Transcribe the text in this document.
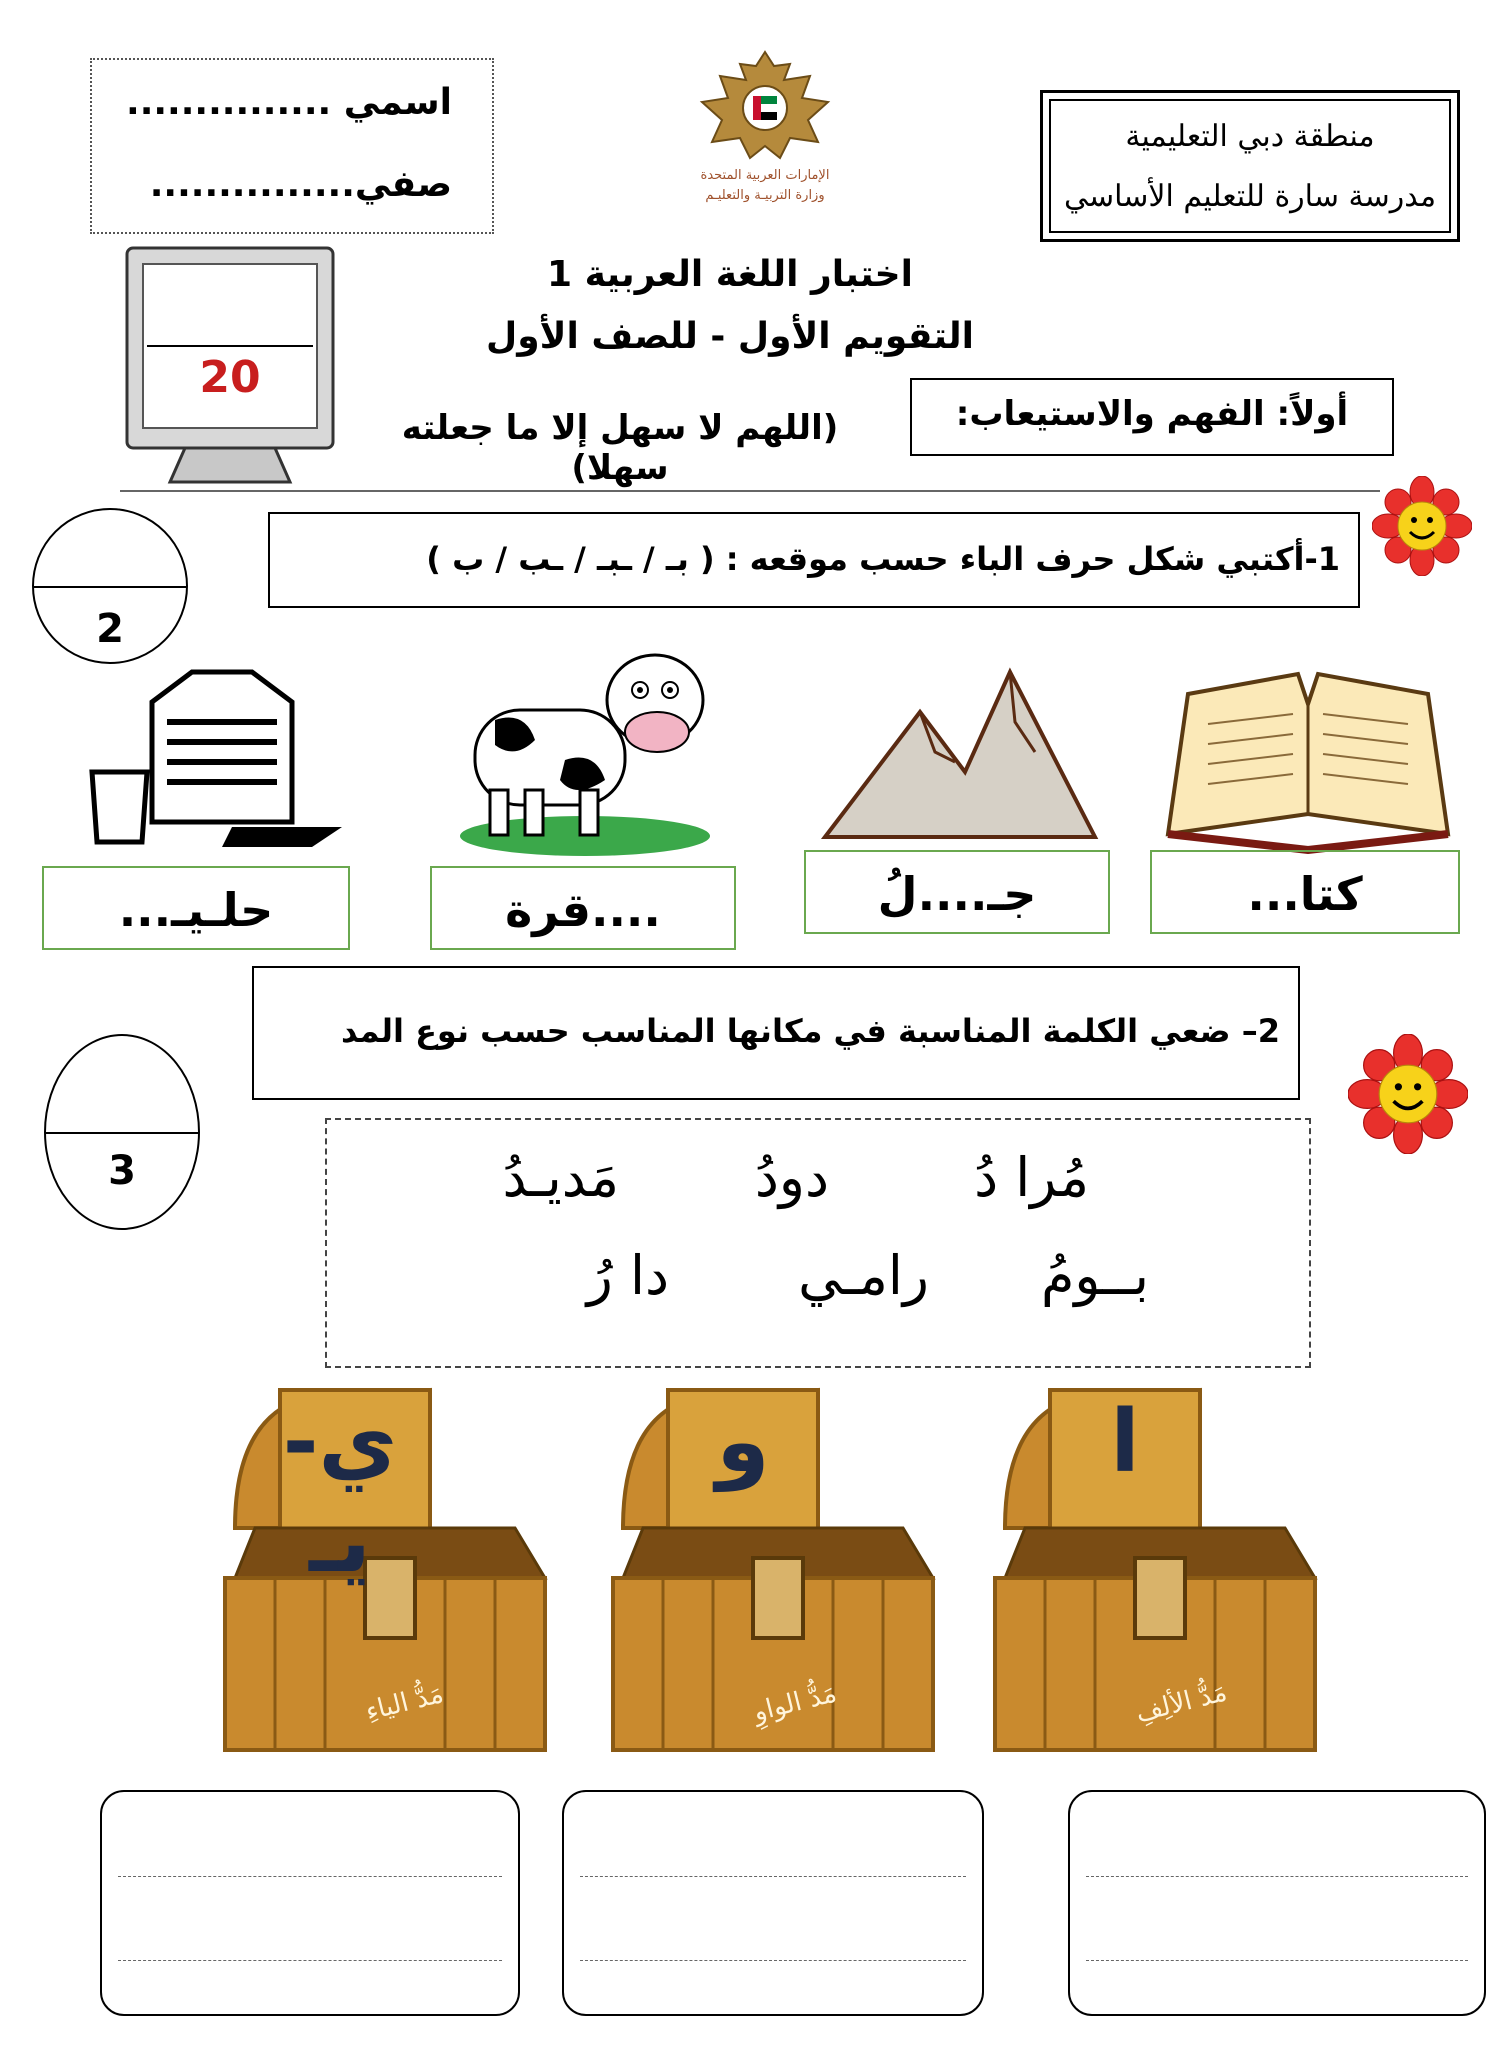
اسمي ...............
صفي...............	الإمارات العربية المتحدة
وزارة التربيـة والتعليـم
منطقة دبي التعليمية
مدرسة سارة للتعليم الأساسي
20
اختبار اللغة العربية 1
التقويم الأول - للصف الأول
أولاً: الفهم والاستيعاب:
(اللهم لا سهل إلا ما جعلته سهلا)
2
1-أكتبي شكل حرف الباء حسب موقعه : ( بـ / ـبـ / ـب / ب )
كتا...
جـ....لُ
....قرة
حلـيـ...
2– ضعي الكلمة المناسبة في مكانها المناسب حسب نوع المد
3	مُرا دُ
دودُ
مَديـدُ
بــومُ
رامـي
دا رُ
ا
مَدُّ الألِفِ
و
مَدُّ الواوِ
ي- يـ
مَدُّ الياءِ
